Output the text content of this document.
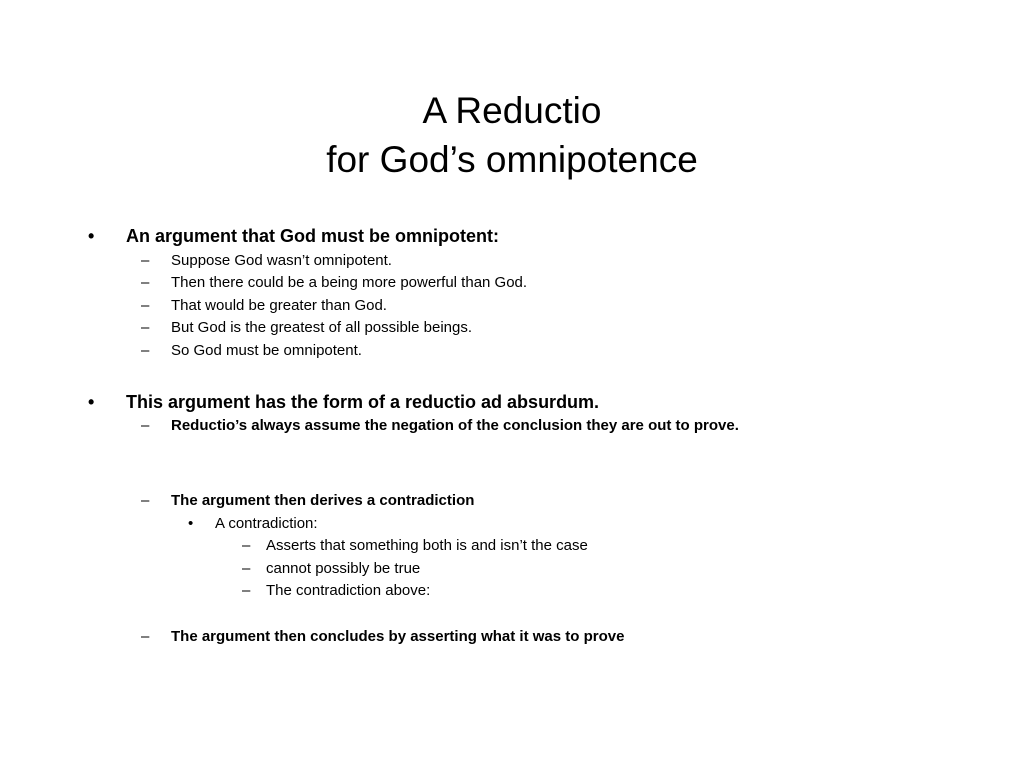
A Reductio
for God’s omnipotence
• An argument that God must be omnipotent:
– Suppose God wasn’t omnipotent.
– Then there could be a being more powerful than God.
– That would be greater than God.
– But God is the greatest of all possible beings.
– So God must be omnipotent.
• This argument has the form of a reductio ad absurdum.
– Reductio’s always assume the negation of the conclusion they are out to prove.
– The argument then derives a contradiction
• A contradiction:
– Asserts that something both is and isn’t the case
– cannot possibly be true
– The contradiction above:
– The argument then concludes by asserting what it was to prove
